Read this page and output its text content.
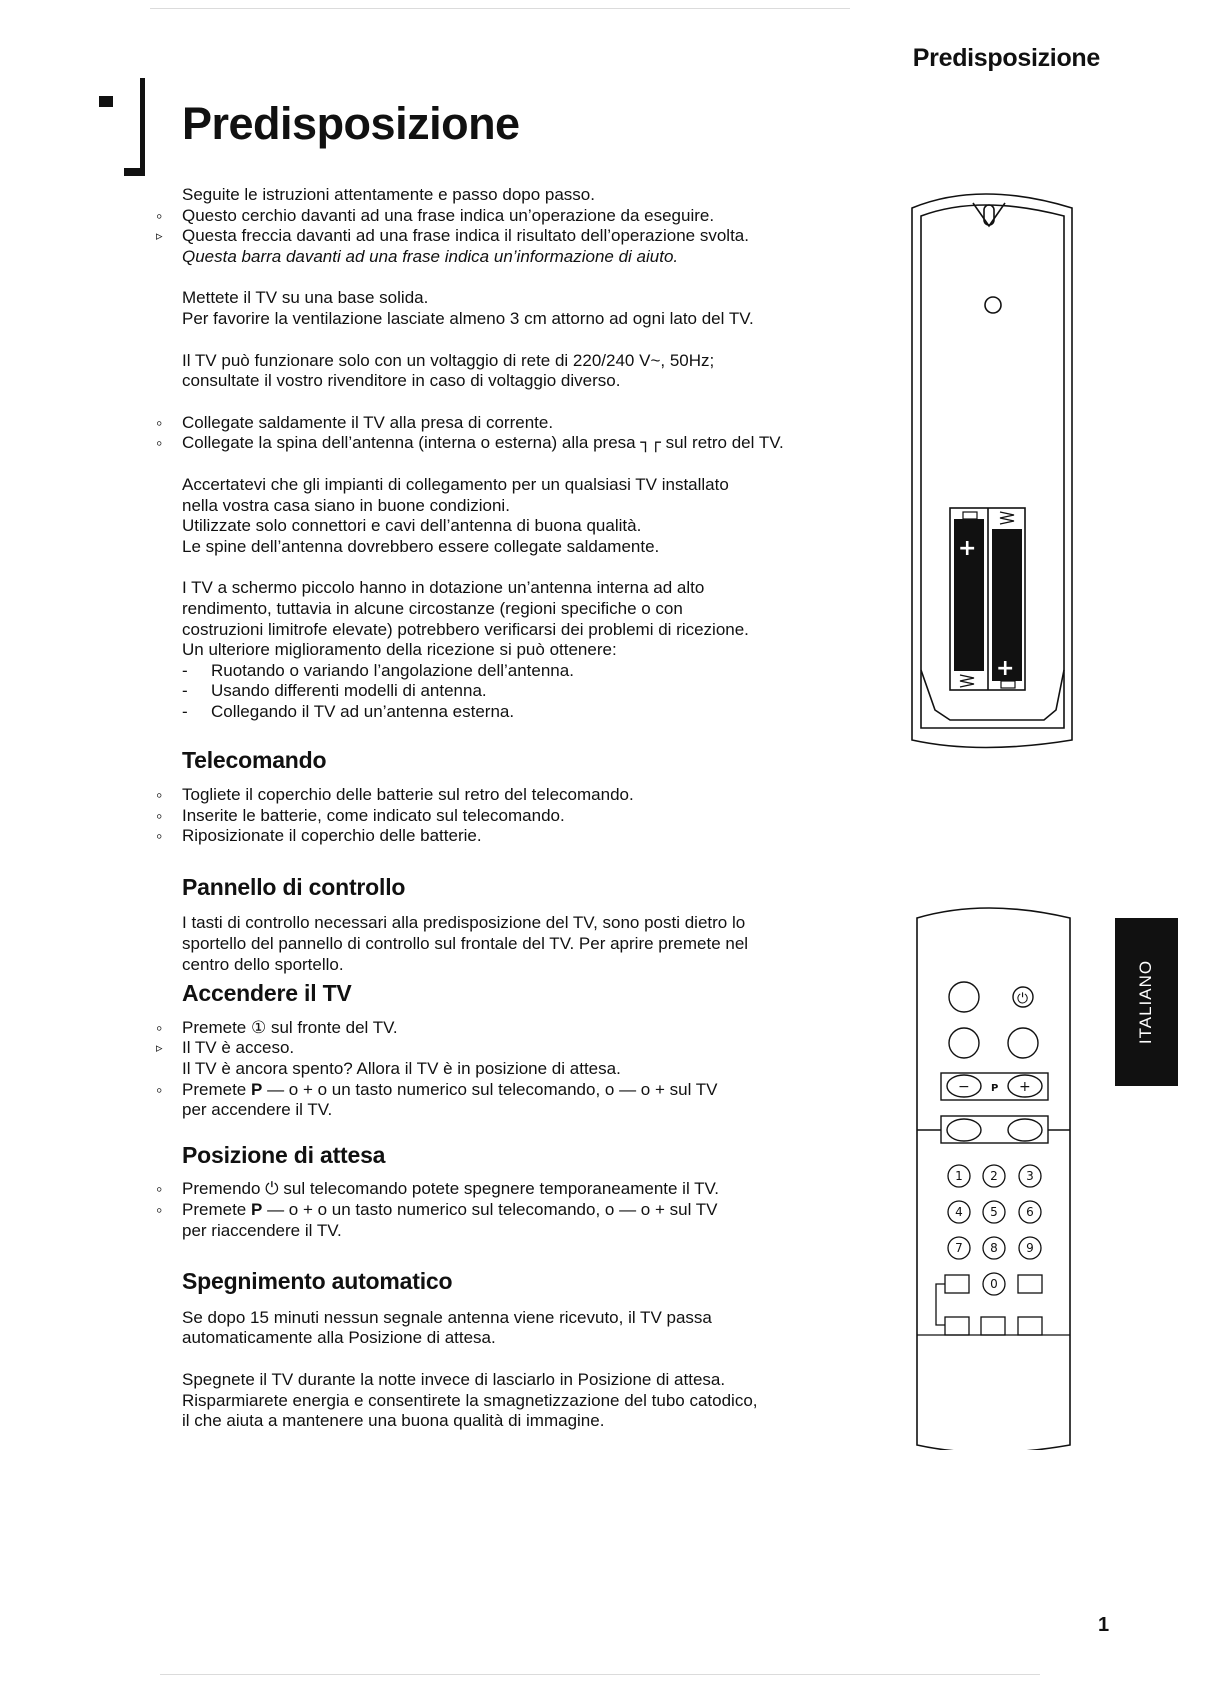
Predisposizione
Predisposizione
Seguite le istruzioni attentamente e passo dopo passo.
◦
Questo cerchio davanti ad una frase indica un’operazione da eseguire.
▹
Questa freccia davanti ad una frase indica il risultato dell’operazione svolta.
Questa barra davanti ad una frase indica un’informazione di aiuto.
Mettete il TV su una base solida.
Per favorire la ventilazione lasciate almeno 3 cm attorno ad ogni lato del TV.
Il TV può funzionare solo con un voltaggio di rete di 220/240 V~, 50Hz;
consultate il vostro rivenditore in caso di voltaggio diverso.
◦
Collegate saldamente il TV alla presa di corrente.
◦
Collegate la spina dell’antenna (interna o esterna) alla presa ┐┌ sul retro del TV.
Accertatevi che gli impianti di collegamento per un qualsiasi TV installato
nella vostra casa siano in buone condizioni.
Utilizzate solo connettori e cavi dell’antenna di buona qualità.
Le spine dell’antenna dovrebbero essere collegate saldamente.
I TV a schermo piccolo hanno in dotazione un’antenna interna ad alto
rendimento, tuttavia in alcune circostanze (regioni specifiche o con
costruzioni limitrofe elevate) potrebbero verificarsi dei problemi di ricezione.
Un ulteriore miglioramento della ricezione si può ottenere:
- Ruotando o variando l’angolazione dell’antenna.
- Usando differenti modelli di antenna.
- Collegando il TV ad un’antenna esterna.
Telecomando
◦
Togliete il coperchio delle batterie sul retro del telecomando.
◦
Inserite le batterie, come indicato sul telecomando.
◦
Riposizionate il coperchio delle batterie.
Pannello di controllo
I tasti di controllo necessari alla predisposizione del TV, sono posti dietro lo
sportello del pannello di controllo sul frontale del TV. Per aprire premete nel
centro dello sportello.
Accendere il TV
◦
Premete ① sul fronte del TV.
▹
Il TV è acceso.
Il TV è ancora spento? Allora il TV è in posizione di attesa.
◦
Premete P — o + o un tasto numerico sul telecomando, o — o + sul TV
per accendere il TV.
Posizione di attesa
◦
Premendo ⏻ sul telecomando potete spegnere temporaneamente il TV.
◦
Premete P — o + o un tasto numerico sul telecomando, o — o + sul TV
per riaccendere il TV.
Spegnimento automatico
Se dopo 15 minuti nessun segnale antenna viene ricevuto, il TV passa
automaticamente alla Posizione di attesa.
Spegnete il TV durante la notte invece di lasciarlo in Posizione di attesa.
Risparmiarete energia e consentirete la smagnetizzazione del tubo catodico,
il che aiuta a mantenere una buona qualità di immagine.
+
+
⏻
− P +
1 2 3
4 5 6
7 8 9
0
ITALIANO
1
